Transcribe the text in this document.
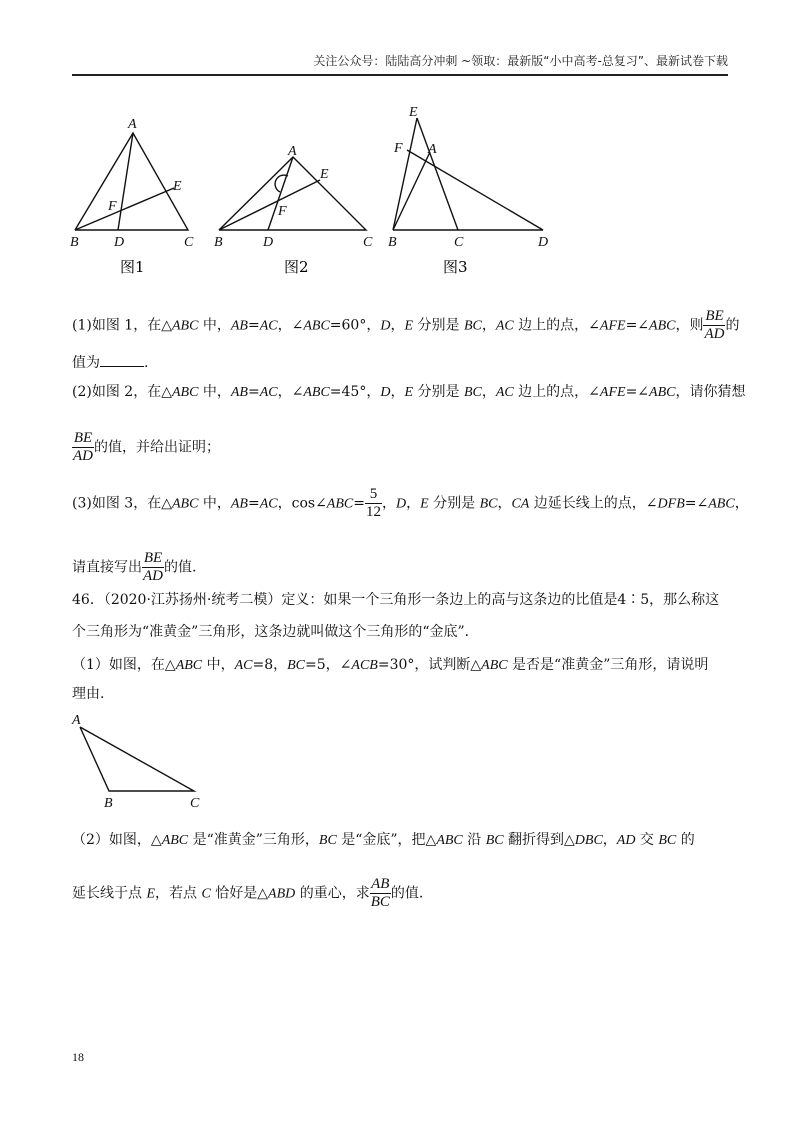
关注公众号：陆陆高分冲刺 ~领取：最新版“小中高考-总复习”、最新试卷下载
A
B	C
D
E
F
A
B	C
D
E
F
A
B	C	D
E
F
图1	图2	图3
(1)如图 1，在△ABC 中，AB=AC，∠ABC=60°，D，E 分别是 BC，AC 边上的点，∠AFE=∠ABC，则 $\frac{BE}{AD}$ 的
值为	.
(2)如图 2，在△ABC 中，AB=AC，∠ABC=45°，D，E 分别是 BC，AC 边上的点，∠AFE=∠ABC，请你猜想
$\frac{BE}{AD}$ 的值，并给出证明；
(3)如图 3，在△ABC 中，AB=AC，cos∠ABC= $\frac{5}{12}$ ，D，E 分别是 BC，CA 边延长线上的点，∠DFB=∠ABC，
请直接写出 $\frac{BE}{AD}$ 的值.
46．（2020·江苏扬州·统考二模）定义：如果一个三角形一条边上的高与这条边的比值是4∶5，那么称这
个三角形为“准黄金”三角形，这条边就叫做这个三角形的“金底”．
（1）如图，在△ABC 中，AC=8，BC=5，∠ACB=30°，试判断△ABC 是否是“准黄金”三角形，请说明
理由.
A
B	C
（2）如图，△ABC 是“准黄金”三角形，BC 是“金底”，把△ABC 沿 BC 翻折得到△DBC，AD 交 BC 的
延长线于点 E，若点 C 恰好是△ABD 的重心，求 $\frac{AB}{BC}$ 的值.
18
